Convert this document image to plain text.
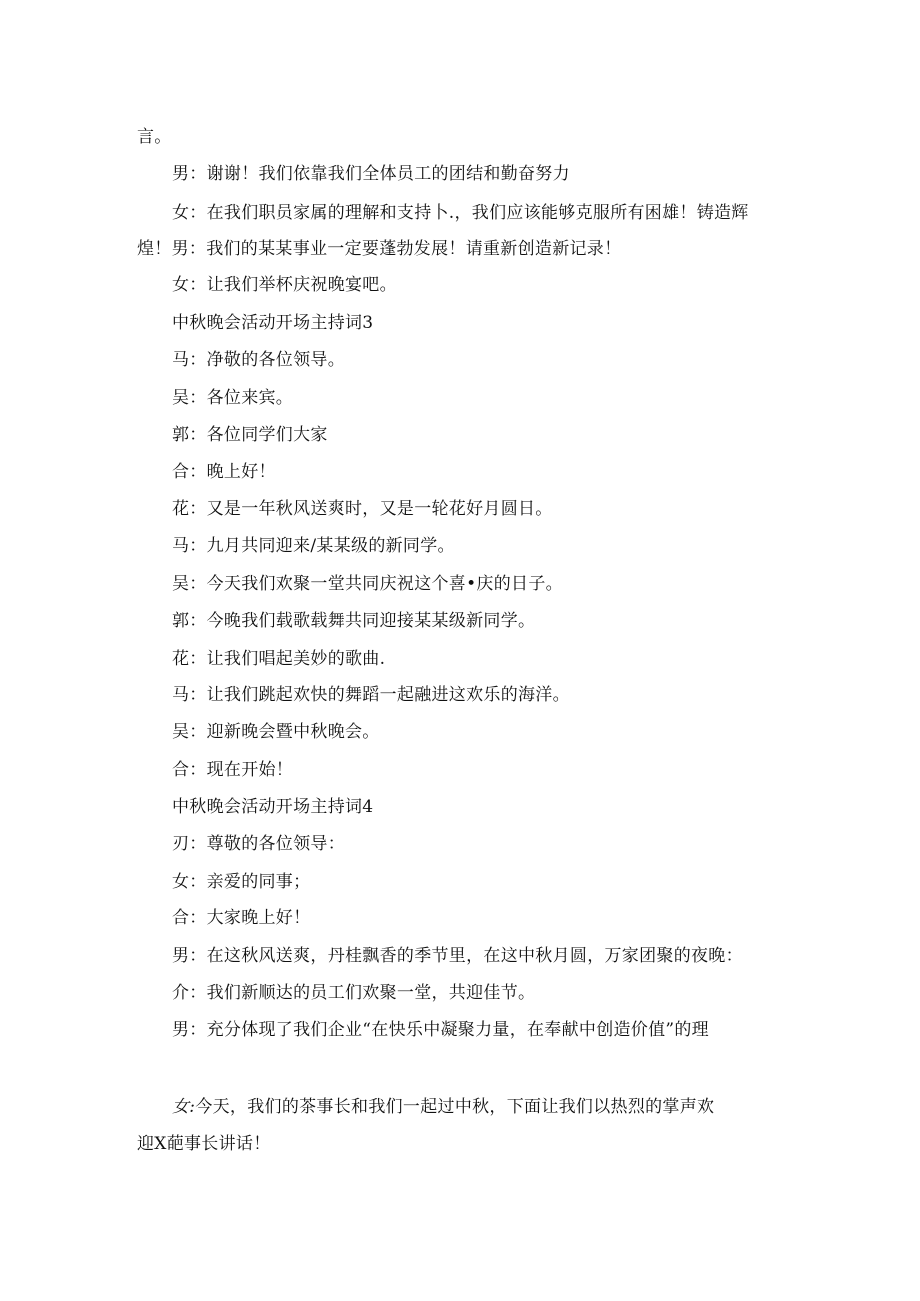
言。
男：谢谢！我们依靠我们全体员工的团结和勤奋努力
女：在我们职员家属的理解和支持卜.，我们应该能够克服所有困雄！铸造辉
煌！男：我们的某某事业一定要蓬勃发展！请重新创造新记录！
女：让我们举杯庆祝晚宴吧。
中秋晚会活动开场主持词3
马：净敬的各位领导。
吴：各位来宾。
郭：各位同学们大家
合：晚上好！
花：又是一年秋风送爽时，又是一轮花好月圆日。
马：九月共同迎来/某某级的新同学。
吴：今天我们欢聚一堂共同庆祝这个喜•庆的日子。
郭：今晚我们载歌载舞共同迎接某某级新同学。
花：让我们唱起美妙的歌曲.
马：让我们跳起欢快的舞蹈一起融进这欢乐的海洋。
吴：迎新晚会暨中秋晚会。
合：现在开始！
中秋晚会活动开场主持词4
刃：尊敬的各位领导：
女：亲爱的同事；
合：大家晚上好！
男：在这秋风送爽，丹桂飘香的季节里，在这中秋月圆，万家团聚的夜晚：
介：我们新顺达的员工们欢聚一堂，共迎佳节。
男：充分体现了我们企业“在快乐中凝聚力量，在奉献中创造价值”的理
女:今天，我们的茶事长和我们一起过中秋，下面让我们以热烈的掌声欢
迎X葩事长讲话！
